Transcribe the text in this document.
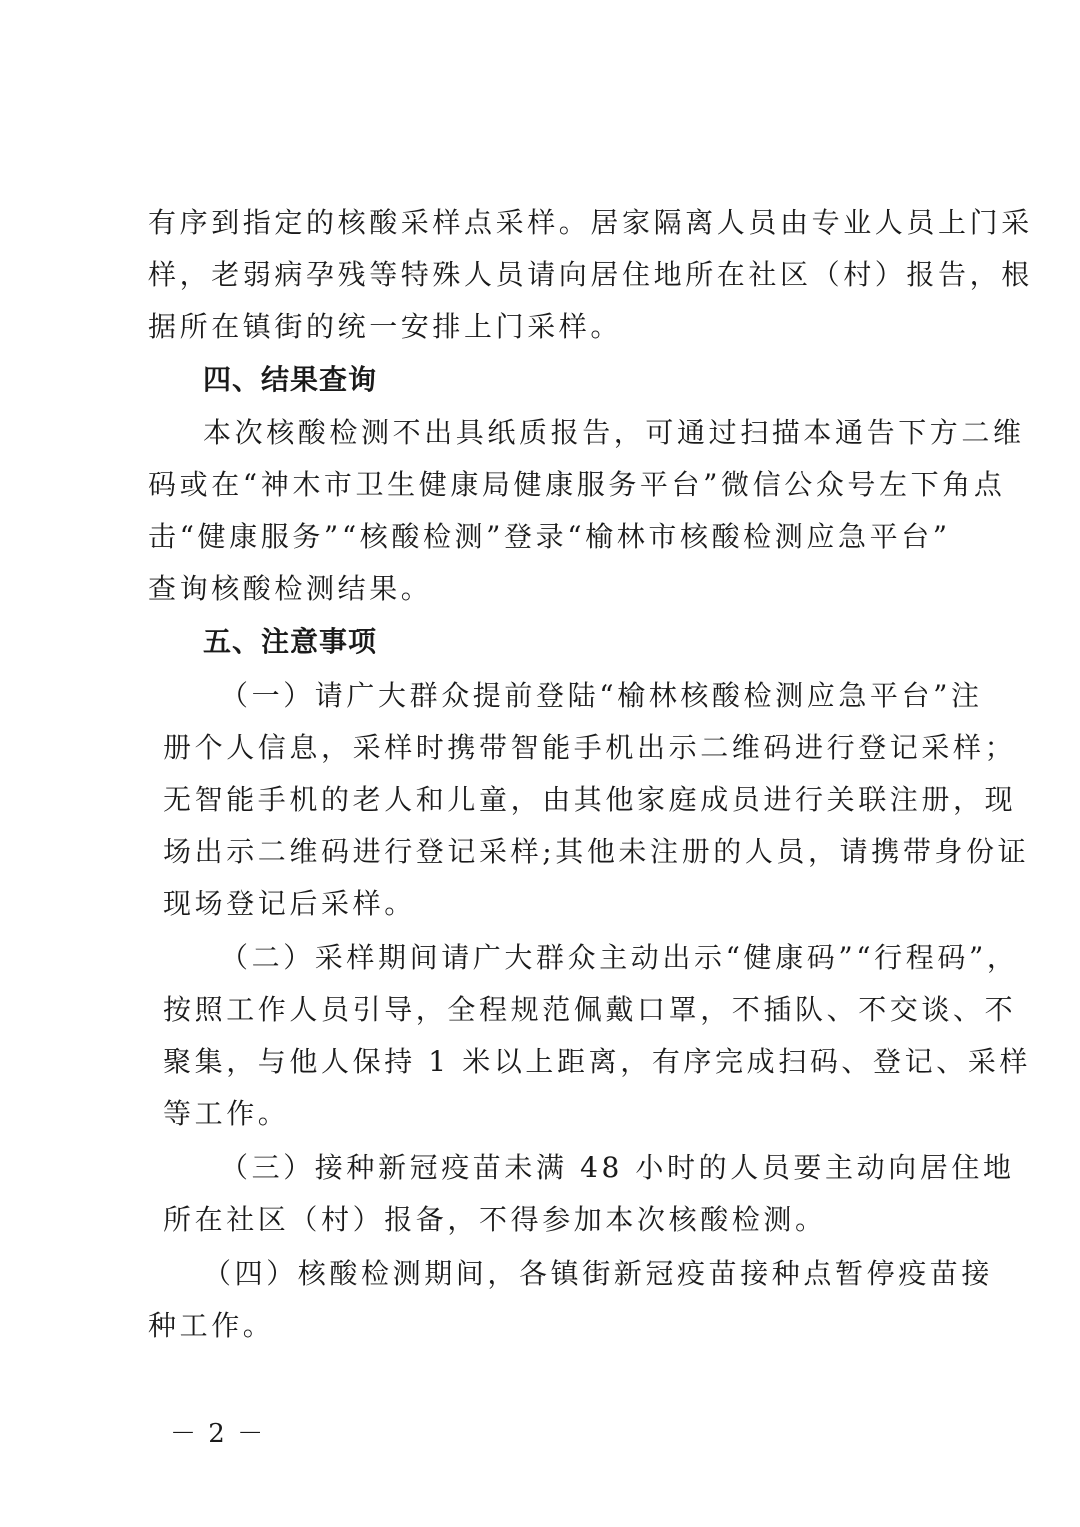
有序到指定的核酸采样点采样。居家隔离人员由专业人员上门采
样，老弱病孕残等特殊人员请向居住地所在社区（村）报告，根
据所在镇街的统一安排上门采样。
四、结果查询
本次核酸检测不出具纸质报告，可通过扫描本通告下方二维
码或在“神木市卫生健康局健康服务平台”微信公众号左下角点
击“健康服务”“核酸检测”登录“榆林市核酸检测应急平台”
查询核酸检测结果。
五、注意事项
（一）请广大群众提前登陆“榆林核酸检测应急平台”注
册个人信息，采样时携带智能手机出示二维码进行登记采样；
无智能手机的老人和儿童，由其他家庭成员进行关联注册，现
场出示二维码进行登记采样;其他未注册的人员，请携带身份证
现场登记后采样。
（二）采样期间请广大群众主动出示“健康码”“行程码”，
按照工作人员引导，全程规范佩戴口罩，不插队、不交谈、不
聚集，与他人保持 1 米以上距离，有序完成扫码、登记、采样
等工作。
（三）接种新冠疫苗未满 48 小时的人员要主动向居住地
所在社区（村）报备，不得参加本次核酸检测。
（四）核酸检测期间，各镇街新冠疫苗接种点暂停疫苗接
种工作。
－ 2 －
